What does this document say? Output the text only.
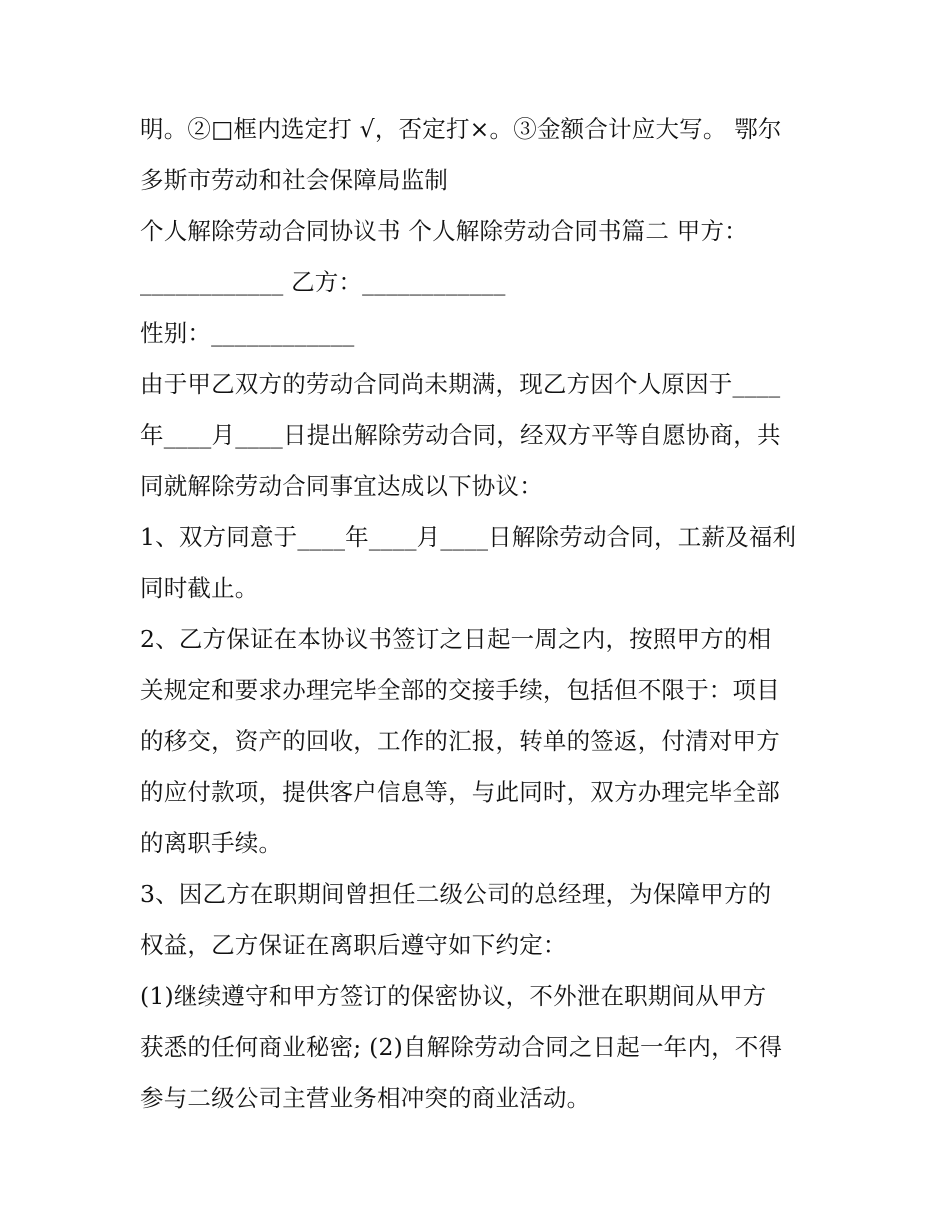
明。②□框内选定打 √，否定打×。③金额合计应大写。 鄂尔
多斯市劳动和社会保障局监制
个人解除劳动合同协议书 个人解除劳动合同书篇二 甲方：
____________ 乙方：____________
性别：____________
由于甲乙双方的劳动合同尚未期满，现乙方因个人原因于____
年____月____日提出解除劳动合同，经双方平等自愿协商，共
同就解除劳动合同事宜达成以下协议：
1、双方同意于____年____月____日解除劳动合同，工薪及福利
同时截止。
2、乙方保证在本协议书签订之日起一周之内，按照甲方的相
关规定和要求办理完毕全部的交接手续，包括但不限于：项目
的移交，资产的回收，工作的汇报，转单的签返，付清对甲方
的应付款项，提供客户信息等，与此同时，双方办理完毕全部
的离职手续。
3、因乙方在职期间曾担任二级公司的总经理，为保障甲方的
权益，乙方保证在离职后遵守如下约定：
(1)继续遵守和甲方签订的保密协议，不外泄在职期间从甲方
获悉的任何商业秘密; (2)自解除劳动合同之日起一年内，不得
参与二级公司主营业务相冲突的商业活动。
